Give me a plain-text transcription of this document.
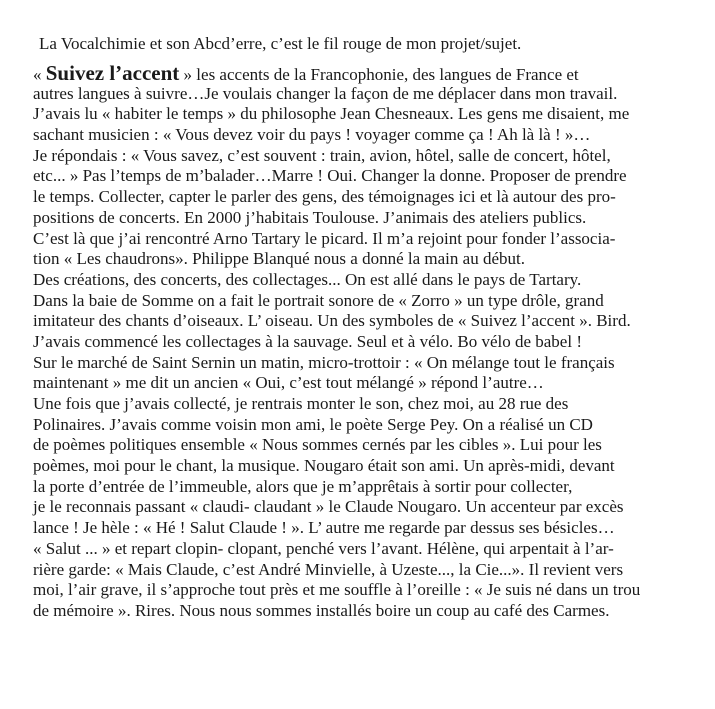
La Vocalchimie et son Abcd’erre, c’est le fil rouge de mon projet/sujet.
« Suivez l’accent » les accents de la Francophonie, des langues de France et
autres langues à suivre…Je voulais changer la façon de me déplacer dans mon travail.
J’avais lu « habiter le temps » du philosophe Jean Chesneaux. Les gens me disaient, me
sachant musicien : « Vous devez voir du pays ! voyager comme ça ! Ah là là ! »…
Je répondais : « Vous savez, c’est souvent : train, avion, hôtel, salle de concert, hôtel,
etc... » Pas l’temps de m’balader…Marre ! Oui. Changer la donne. Proposer de prendre
le temps. Collecter, capter le parler des gens, des témoignages ici et là autour des pro-
positions de concerts. En 2000 j’habitais Toulouse. J’animais des ateliers publics.
C’est là que j’ai rencontré Arno Tartary le picard. Il m’a rejoint pour fonder l’associa-
tion « Les chaudrons». Philippe Blanqué nous a donné la main au début.
Des créations, des concerts, des collectages... On est allé dans le pays de Tartary.
Dans la baie de Somme on a fait le portrait sonore de « Zorro » un type drôle, grand
imitateur des chants d’oiseaux. L’ oiseau. Un des symboles de « Suivez l’accent ». Bird.
J’avais commencé les collectages à la sauvage. Seul et à vélo. Bo vélo de babel !
Sur le marché de Saint Sernin un matin, micro-trottoir : « On mélange tout le français
maintenant » me dit un ancien « Oui, c’est tout mélangé » répond l’autre…
Une fois que j’avais collecté, je rentrais monter le son, chez moi, au 28 rue des
Polinaires. J’avais comme voisin mon ami, le poète Serge Pey. On a réalisé un CD
de poèmes politiques ensemble « Nous sommes cernés par les cibles ». Lui pour les
poèmes, moi pour le chant, la musique. Nougaro était son ami. Un après-midi, devant
la porte d’entrée de l’immeuble, alors que je m’apprêtais à sortir pour collecter,
je le reconnais passant « claudi- claudant » le Claude Nougaro. Un accenteur par excès
lance ! Je hèle : « Hé ! Salut Claude ! ». L’ autre me regarde par dessus ses bésicles…
« Salut ... » et repart clopin- clopant, penché vers l’avant. Hélène, qui arpentait à l’ar-
rière garde: « Mais Claude, c’est André Minvielle, à Uzeste..., la Cie...». Il revient vers
moi, l’air grave, il s’approche tout près et me souffle à l’oreille : « Je suis né dans un trou
de mémoire ». Rires. Nous nous sommes installés boire un coup au café des Carmes.
